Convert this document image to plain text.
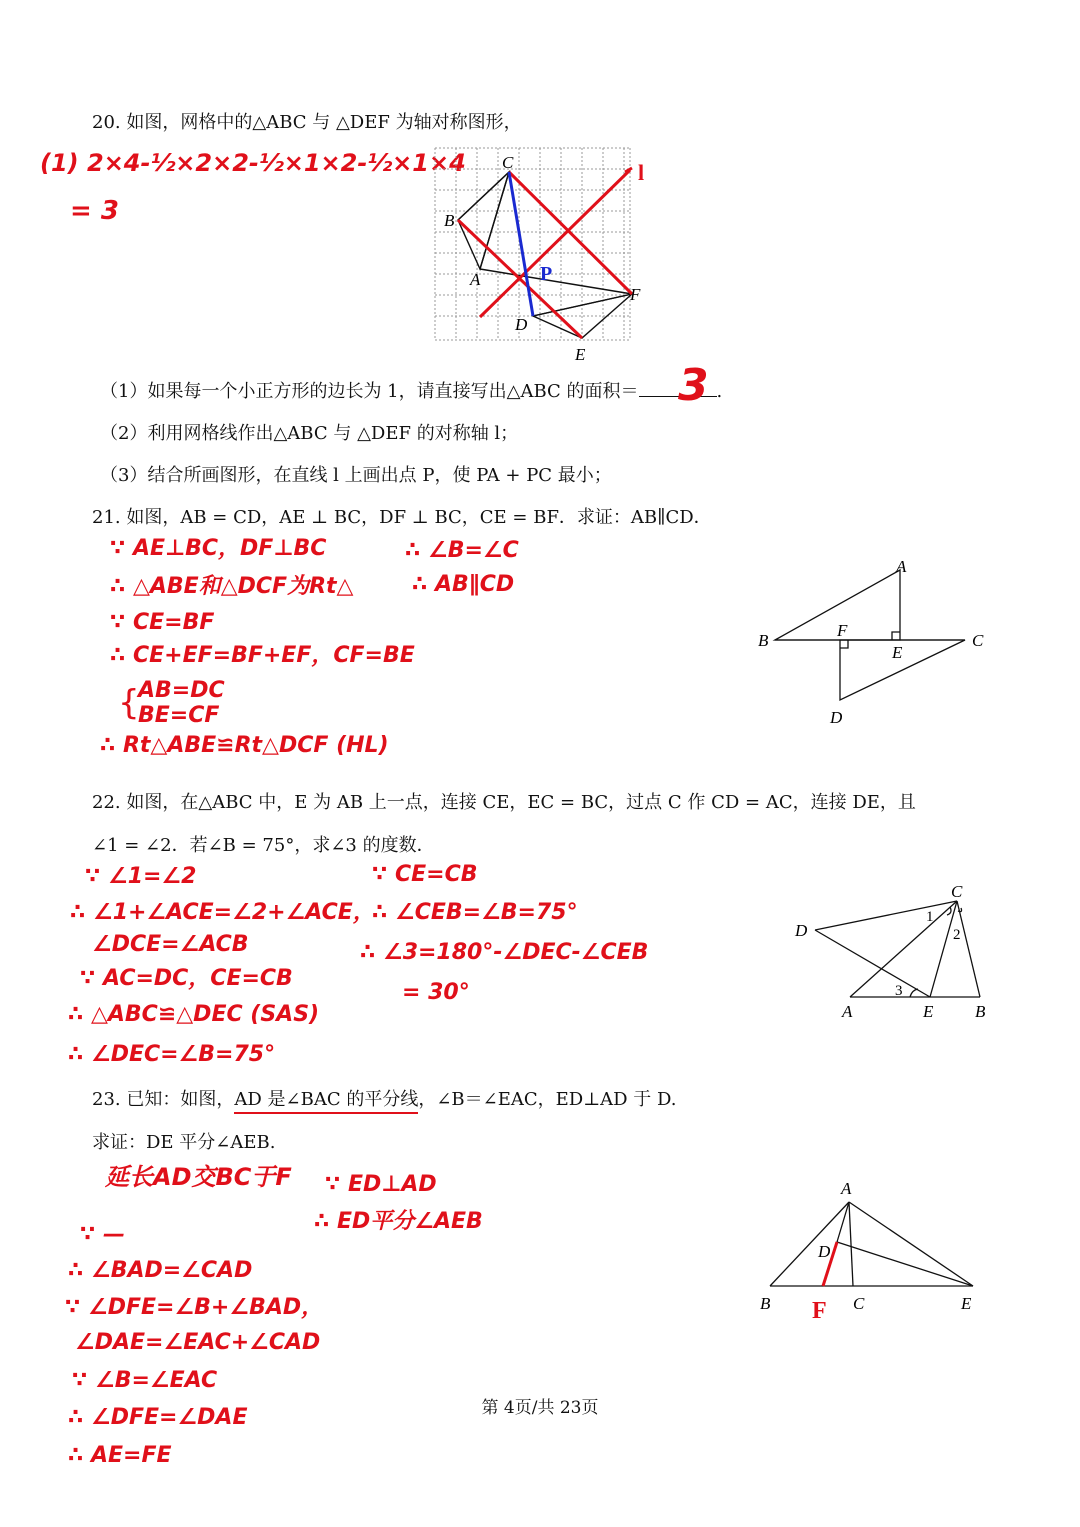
20. 如图，网格中的△ABC 与 △DEF 为轴对称图形，
(1) 2×4-½×2×2-½×1×2-½×1×4
= 3
C
B
A
D
E
F
P
l
（1）如果每一个小正方形的边长为 1，请直接写出△ABC 的面积＝	.
3
（2）利用网格线作出△ABC 与 △DEF 的对称轴 l；
（3）结合所画图形，在直线 l 上画出点 P，使 PA + PC 最小；
21. 如图，AB = CD，AE ⊥ BC，DF ⊥ BC，CE = BF．求证：AB∥CD．
∵ AE⊥BC，DF⊥BC
∴ △ABE和△DCF为Rt△
∵ CE=BF
∴ CE+EF=BF+EF，CF=BE
{
AB=DC
BE=CF
∴ Rt△ABE≌Rt△DCF (HL)
∴ ∠B=∠C
∴ AB∥CD
A
B	C
D
E
F
22. 如图，在△ABC 中，E 为 AB 上一点，连接 CE，EC = BC，过点 C 作 CD = AC，连接 DE，且
∠1 = ∠2．若∠B = 75°，求∠3 的度数．
∵ ∠1=∠2
∴ ∠1+∠ACE=∠2+∠ACE，
∠DCE=∠ACB
∵ AC=DC，CE=CB
∴ △ABC≌△DEC (SAS)
∴ ∠DEC=∠B=75°
∵ CE=CB
∴ ∠CEB=∠B=75°
∴ ∠3=180°-∠DEC-∠CEB
= 30°
C
D
A	E B
1
2
3
23. 已知：如图，AD 是∠BAC 的平分线，∠B＝∠EAC，ED⊥AD 于 D.
求证：DE 平分∠AEB.
延长AD交BC于F
∵ —
∴ ∠BAD=∠CAD
∵ ∠DFE=∠B+∠BAD，
∠DAE=∠EAC+∠CAD
∵ ∠B=∠EAC
∴ ∠DFE=∠DAE
∴ AE=FE
∵ ED⊥AD
∴ ED平分∠AEB
A
D
B	C	E
F
第 4页/共 23页
